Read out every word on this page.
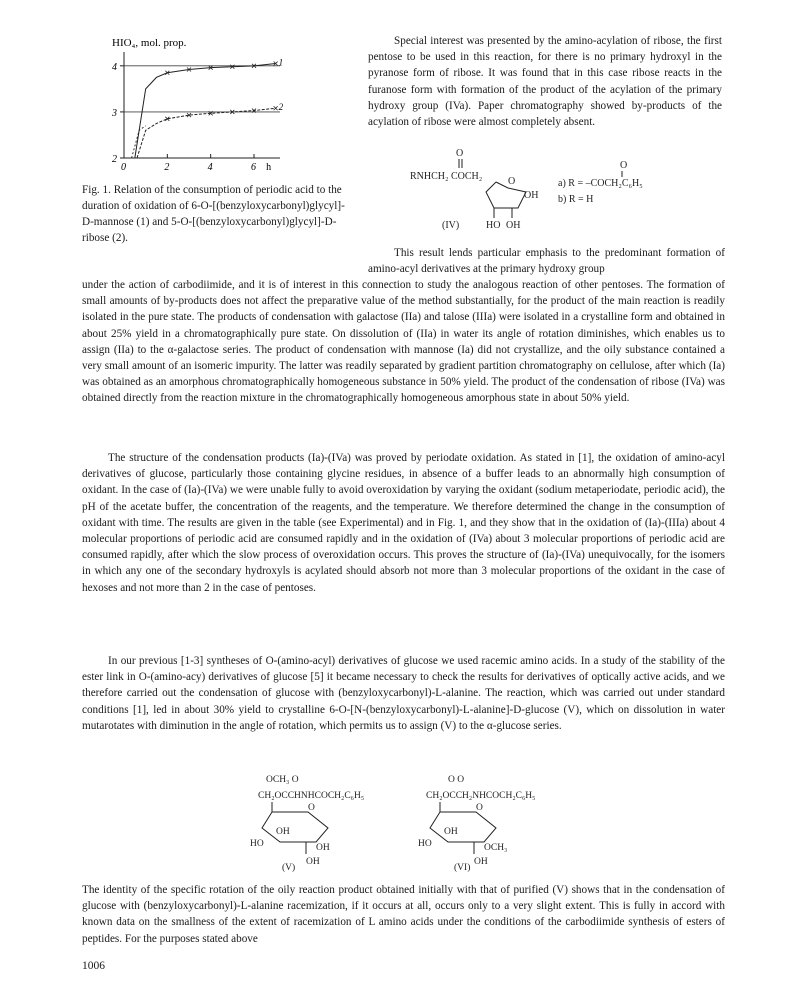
HIO₄, mol. prop.
2
3
4
0	2	4	6 h
1
2
Fig. 1. Relation of the consumption of periodic acid to the duration of oxidation of 6-O-[(benzyloxycarbonyl)glycyl]-D-mannose (1) and 5-O-[(benzyloxycarbonyl)glycyl]-D-ribose (2).

Special interest was presented by the amino-acylation of ribose, the first pentose to be used in this reaction, for there is no primary hydroxyl in the pyranose form of ribose. It was found that in this case ribose reacts in the furanose form with formation of the product of the acylation of the primary hydroxy group (IVa). Paper chromatography showed by-products of the acylation of ribose were almost completely absent.

O
RNHCH₂ COCH₂	O
OH
HO OH
(IV)
O
a) R = –COCH₂C₆H₅
b) R = H
This result lends particular emphasis to the predominant formation of amino-acyl derivatives at the primary hydroxy group

under the action of carbodiimide, and it is of interest in this connection to study the analogous reaction of other pentoses. The formation of small amounts of by-products does not affect the preparative value of the method substantially, for the product of the main reaction is readily isolated in the pure state. The products of condensation with galactose (IIa) and talose (IIIa) were isolated in a crystalline form and obtained in about 25% yield in a chromatographically pure state. On dissolution of (IIa) in water its angle of rotation diminishes, which enables us to assign (IIa) to the α-galactose series. The product of condensation with mannose (Ia) did not crystallize, and the oily substance contained a very small amount of an isomeric impurity. The latter was readily separated by gradient partition chromatography on cellulose, after which (Ia) was obtained as an amorphous chromatographically homogeneous substance in 50% yield. The product of the condensation of ribose (IVa) was obtained directly from the reaction mixture in the chromatographically homogeneous amorphous state in about 50% yield.

The structure of the condensation products (Ia)-(IVa) was proved by periodate oxidation. As stated in [1], the oxidation of amino-acyl derivatives of glucose, particularly those containing glycine residues, in absence of a buffer leads to an abnormally high consumption of oxidant. In the case of (Ia)-(IVa) we were unable fully to avoid overoxidation by varying the oxidant (sodium metaperiodate, periodic acid), the pH of the acetate buffer, the concentration of the reagents, and the temperature. We therefore determined the change in the consumption of oxidant with time. The results are given in the table (see Experimental) and in Fig. 1, and they show that in the oxidation of (Ia)-(IIIa) about 4 molecular proportions of periodic acid are consumed rapidly and in the oxidation of (IVa) about 3 molecular proportions of periodic acid are consumed rapidly, after which the slow process of overoxidation occurs. This proves the structure of (Ia)-(IVa) unequivocally, for the isomers in which any one of the secondary hydroxyls is acylated should absorb not more than 3 molecular proportions of the oxidant in the case of hexoses and not more than 2 in the case of pentoses.

In our previous [1-3] syntheses of O-(amino-acyl) derivatives of glucose we used racemic amino acids. In a study of the stability of the ester link in O-(amino-acy) derivatives of glucose [5] it became necessary to check the results for derivatives of optically active acids, and we therefore carried out the condensation of glucose with (benzyloxycarbonyl)-L-alanine. The reaction, which was carried out under standard conditions [1], led in about 30% yield to crystalline 6-O-[N-(benzyloxycarbonyl)-L-alanine]-D-glucose (V), which on dissolution in water mutarotates with diminution in the angle of rotation, which permits us to assign (V) to the α-glucose series.

OCH₃ O
CH₂OCCHNHCOCH₂C₆H₅
O
OH
HO	OH
OH
(V)
O O
CH₂OCCH₂NHCOCH₂C₆H₅
O
OH
HO	OCH₃
OH
(VI)

The identity of the specific rotation of the oily reaction product obtained initially with that of purified (V) shows that in the condensation of glucose with (benzyloxycarbonyl)-L-alanine racemization, if it occurs at all, occurs only to a very slight extent. This is fully in accord with known data on the smallness of the extent of racemization of L amino acids under the conditions of the carbodiimide synthesis of esters of peptides. For the purposes stated above

1006
